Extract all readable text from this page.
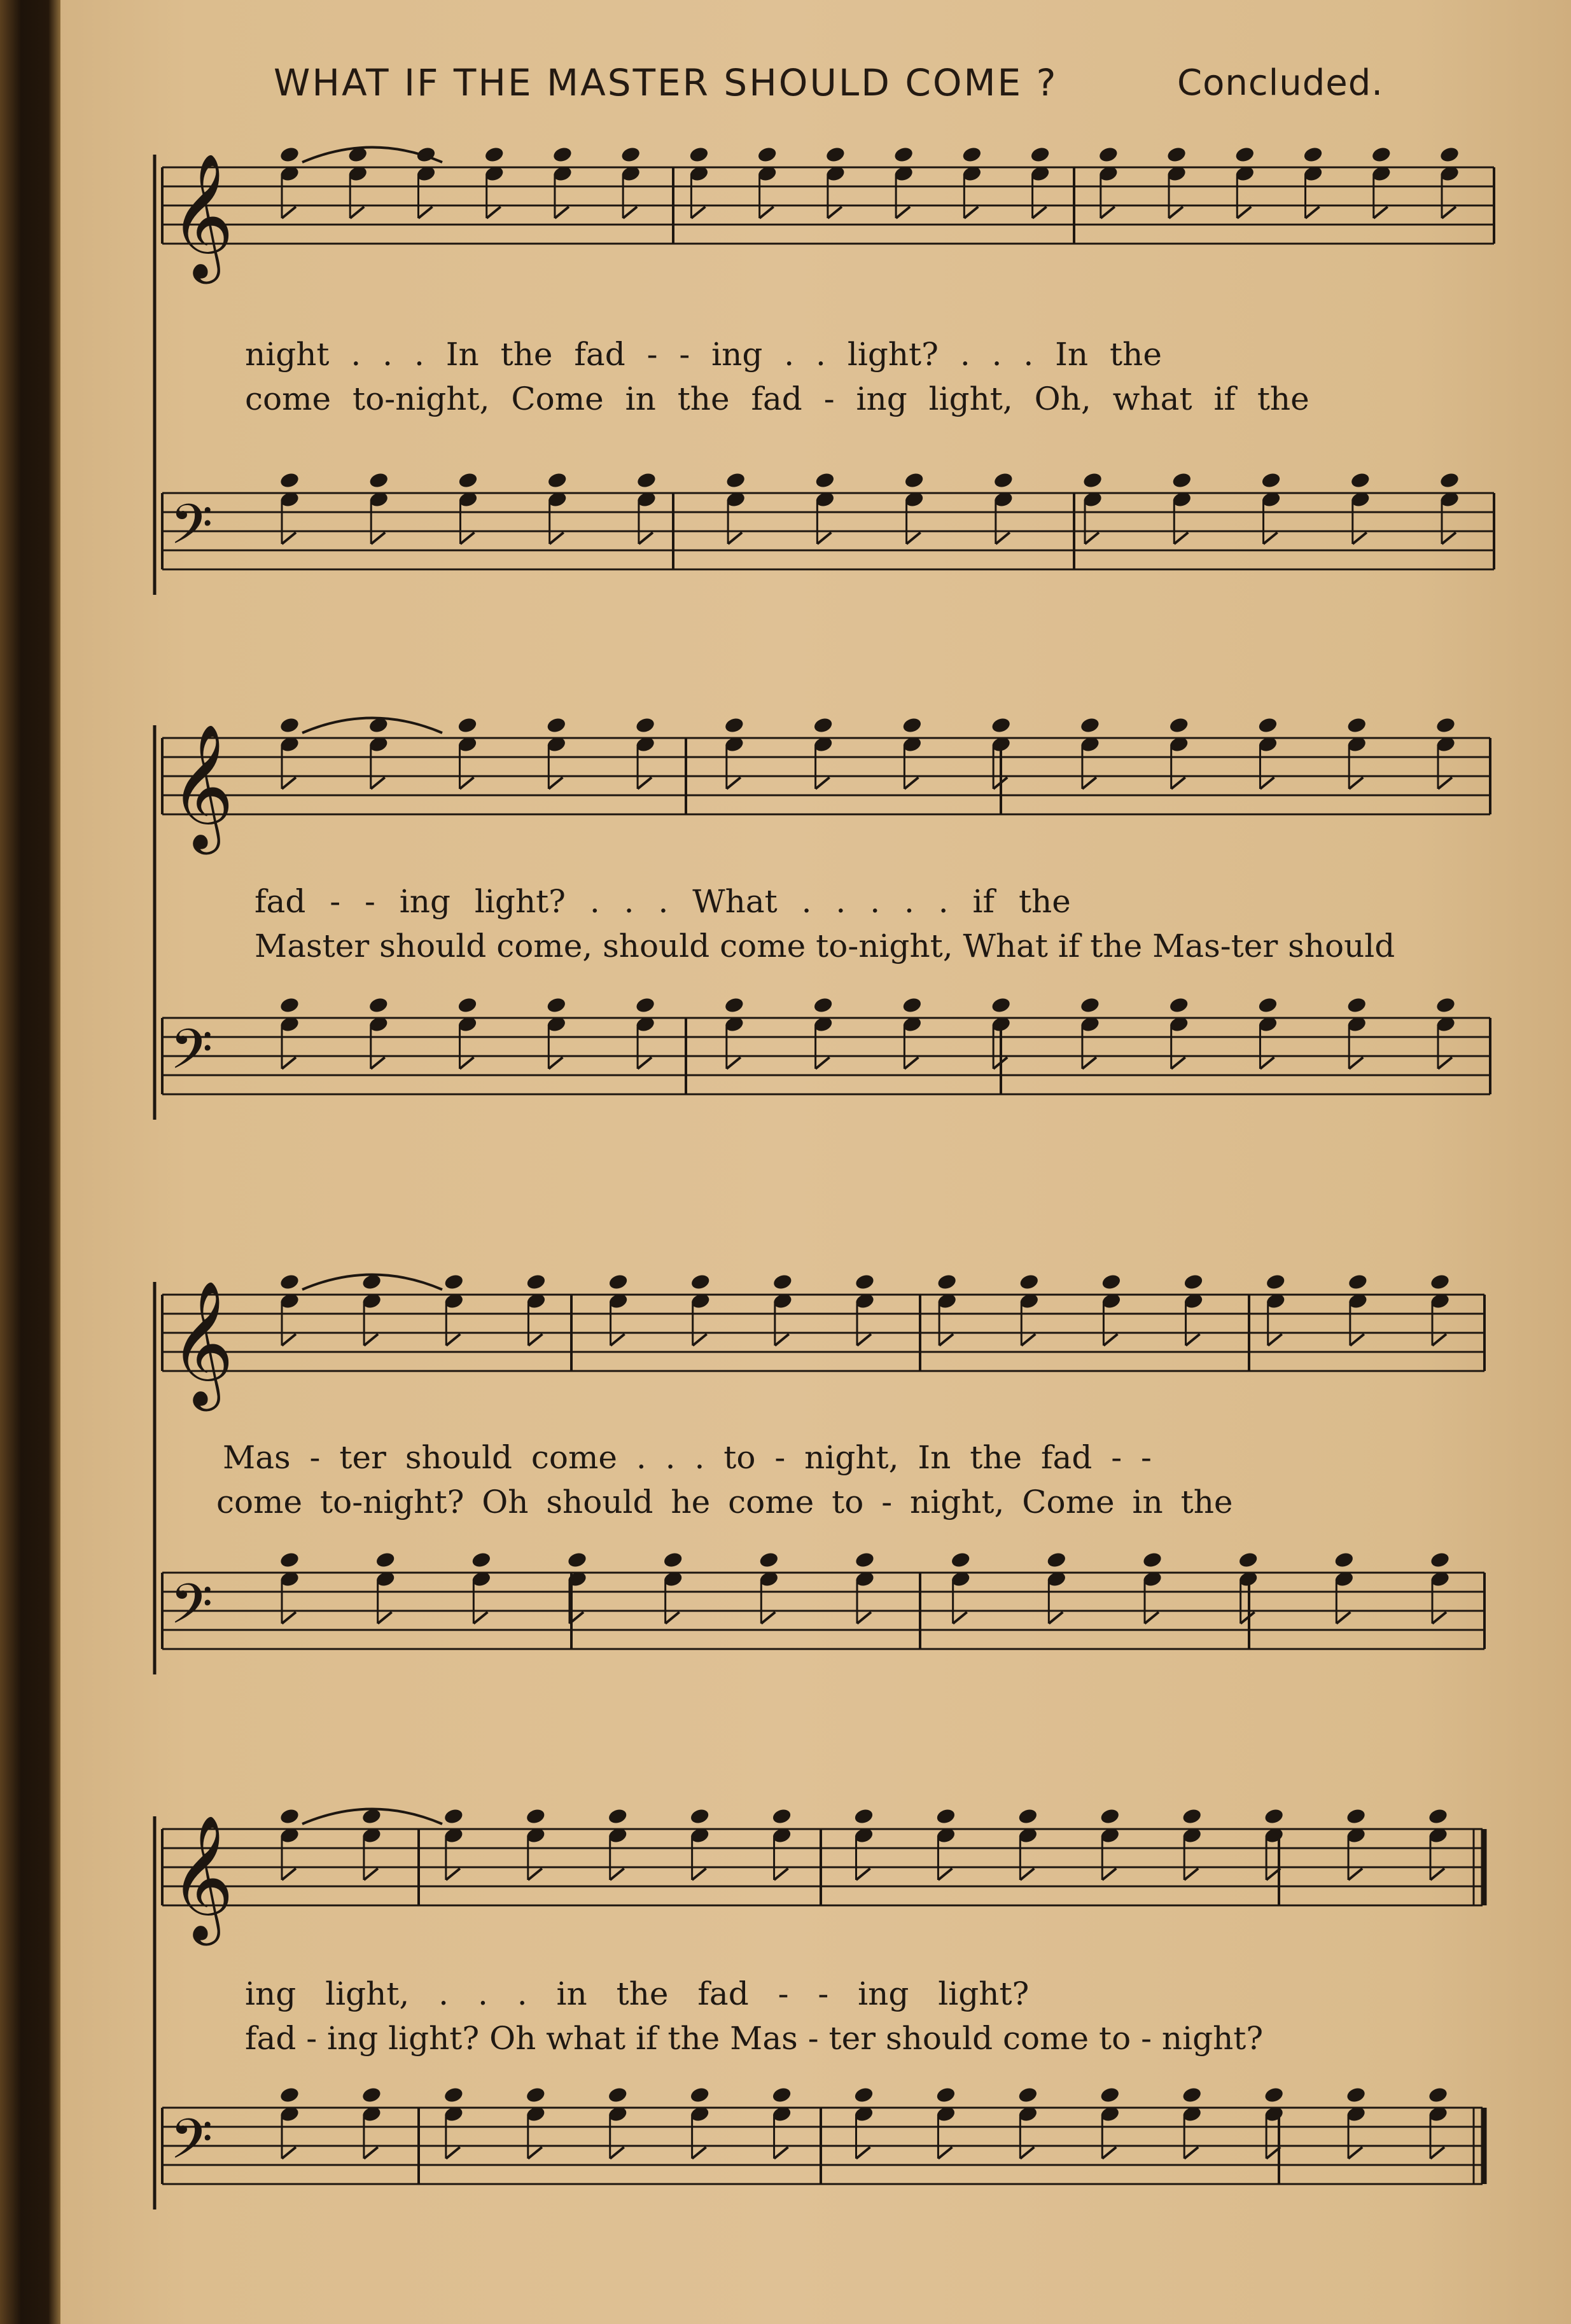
WHAT IF THE MASTER SHOULD COME ?	Concluded.
𝄞
𝄢
𝄞
𝄢
𝄞
𝄢
𝄞
𝄢
night . . . In the fad - - ing . . light? . . . In the
come to-night, Come in the fad - ing light, Oh, what if the
fad - - ing light? . . . What . . . . . if the
Master should come, should come to-night, What if the Mas-ter should
Mas - ter should come . . . to - night, In the fad - -
come to-night? Oh should he come to - night, Come in the
ing light, . . . in the fad - - ing light?
fad - ing light? Oh what if the Mas - ter should come to - night?
